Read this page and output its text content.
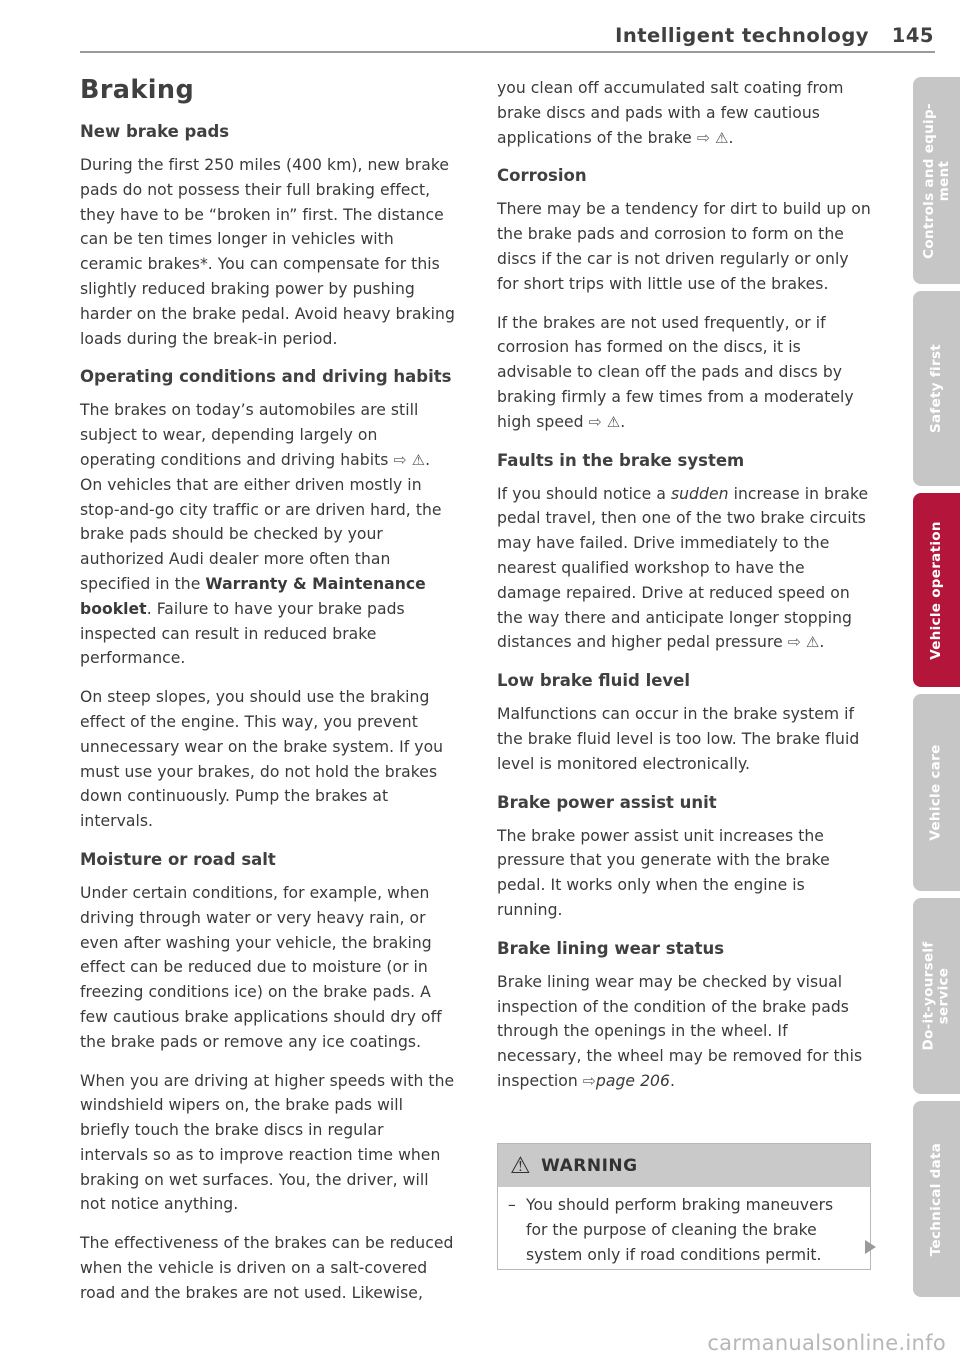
Intelligent technology 145
Braking
New brake pads

During the first 250 miles (400 km), new brake pads do not possess their full braking effect, they have to be “broken in” first. The distance can be ten times longer in vehicles with ceramic brakes*. You can compensate for this slightly reduced braking power by pushing harder on the brake pedal. Avoid heavy braking loads during the break-in period.

Operating conditions and driving habits

The brakes on today’s automobiles are still subject to wear, depending largely on operating conditions and driving habits ⇨ ⚠. On vehicles that are either driven mostly in stop-and-go city traffic or are driven hard, the brake pads should be checked by your authorized Audi dealer more often than specified in the Warranty & Maintenance booklet. Failure to have your brake pads inspected can result in reduced brake performance.

On steep slopes, you should use the braking effect of the engine. This way, you prevent unnecessary wear on the brake system. If you must use your brakes, do not hold the brakes down continuously. Pump the brakes at intervals.

Moisture or road salt

Under certain conditions, for example, when driving through water or very heavy rain, or even after washing your vehicle, the braking effect can be reduced due to moisture (or in freezing conditions ice) on the brake pads. A few cautious brake applications should dry off the brake pads or remove any ice coatings.

When you are driving at higher speeds with the windshield wipers on, the brake pads will briefly touch the brake discs in regular intervals so as to improve reaction time when braking on wet surfaces. You, the driver, will not notice anything.

The effectiveness of the brakes can be reduced when the vehicle is driven on a salt-covered road and the brakes are not used. Likewise,

you clean off accumulated salt coating from brake discs and pads with a few cautious applications of the brake ⇨ ⚠.

Corrosion

There may be a tendency for dirt to build up on the brake pads and corrosion to form on the discs if the car is not driven regularly or only for short trips with little use of the brakes.

If the brakes are not used frequently, or if corrosion has formed on the discs, it is advisable to clean off the pads and discs by braking firmly a few times from a moderately high speed ⇨ ⚠.

Faults in the brake system

If you should notice a sudden increase in brake pedal travel, then one of the two brake circuits may have failed. Drive immediately to the nearest qualified workshop to have the damage repaired. Drive at reduced speed on the way there and anticipate longer stopping distances and higher pedal pressure ⇨ ⚠.

Low brake fluid level

Malfunctions can occur in the brake system if the brake fluid level is too low. The brake fluid level is monitored electronically.

Brake power assist unit

The brake power assist unit increases the pressure that you generate with the brake pedal. It works only when the engine is running.

Brake lining wear status

Brake lining wear may be checked by visual inspection of the condition of the brake pads through the openings in the wheel. If necessary, the wheel may be removed for this inspection ⇨page 206.

⚠ WARNING
– You should perform braking maneuvers
for the purpose of cleaning the brake
system only if road conditions permit.
Controls and equip- ment
Safety first
Vehicle operation
Vehicle care
Do-it-yourself service
Technical data
carmanualsonline.info
